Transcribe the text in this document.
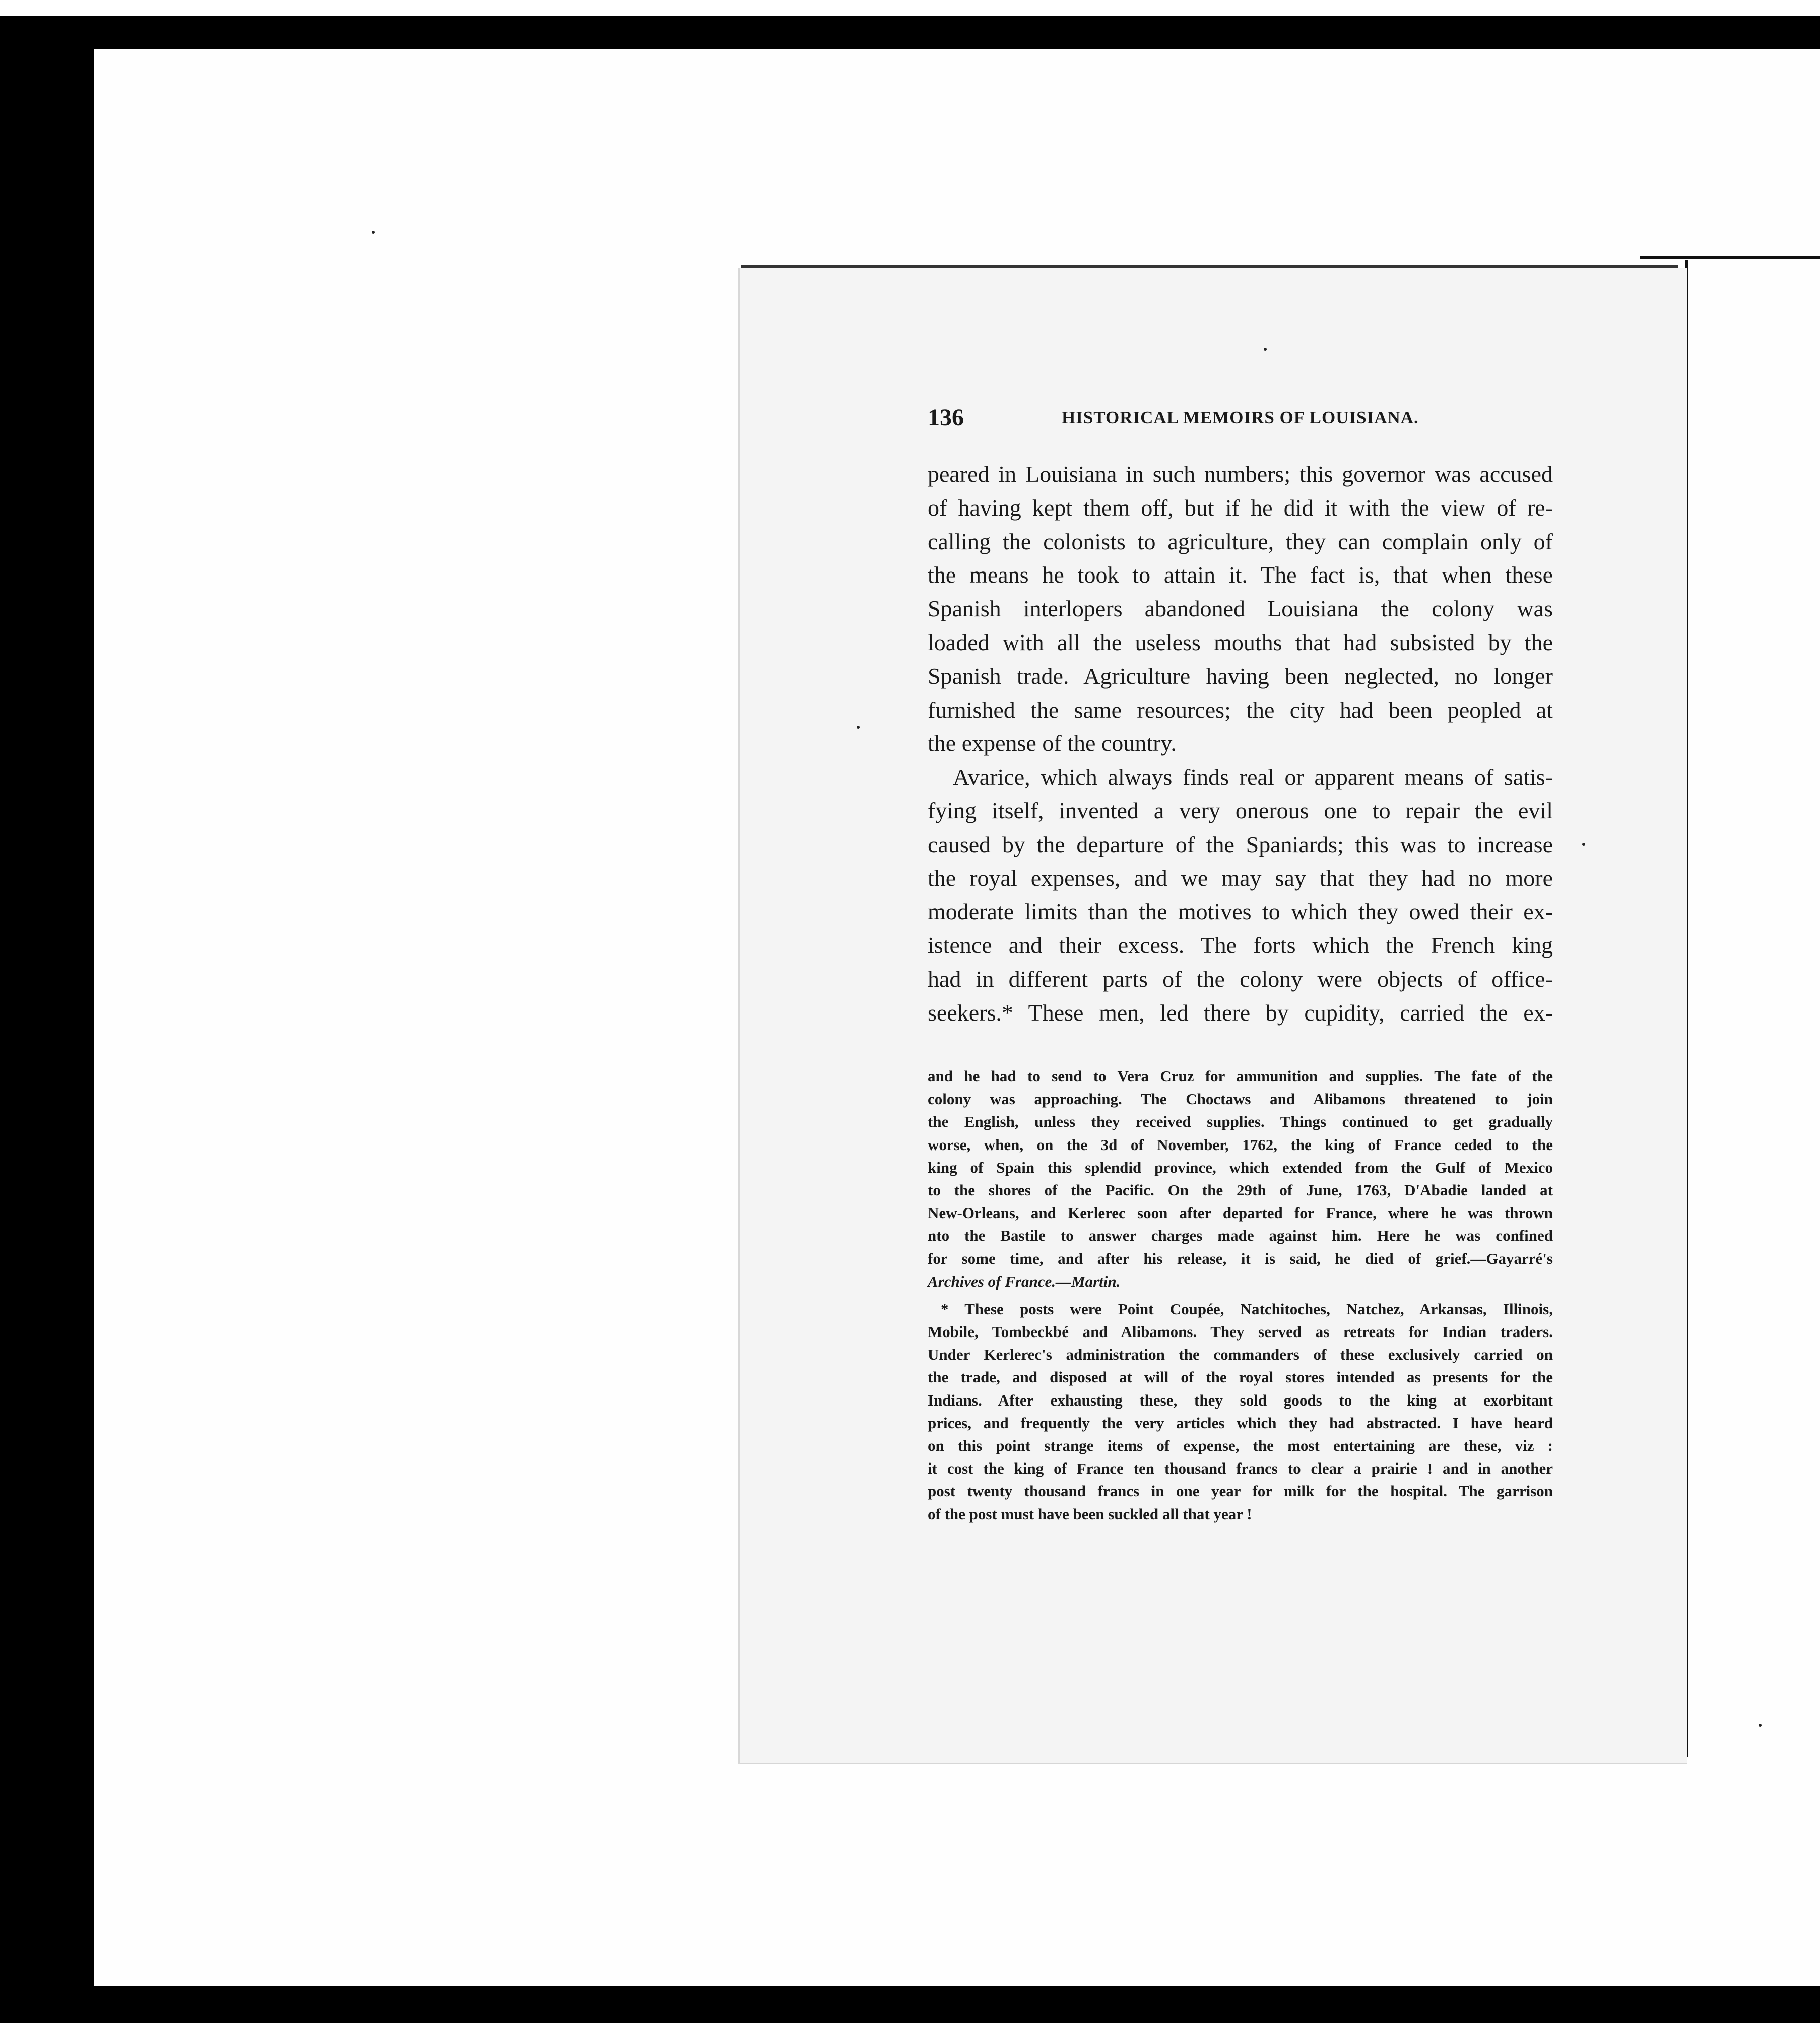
136	HISTORICAL MEMOIRS OF LOUISIANA.
peared in Louisiana in such numbers; this governor was accused
of having kept them off, but if he did it with the view of re-
calling the colonists to agriculture, they can complain only of
the means he took to attain it. The fact is, that when these
Spanish interlopers abandoned Louisiana the colony was
loaded with all the useless mouths that had subsisted by the
Spanish trade. Agriculture having been neglected, no longer
furnished the same resources; the city had been peopled at
the expense of the country.
Avarice, which always finds real or apparent means of satis-
fying itself, invented a very onerous one to repair the evil
caused by the departure of the Spaniards; this was to increase
the royal expenses, and we may say that they had no more
moderate limits than the motives to which they owed their ex-
istence and their excess. The forts which the French king
had in different parts of the colony were objects of office-
seekers.* These men, led there by cupidity, carried the ex-
and he had to send to Vera Cruz for ammunition and supplies. The fate of the
colony was approaching. The Choctaws and Alibamons threatened to join
the English, unless they received supplies. Things continued to get gradually
worse, when, on the 3d of November, 1762, the king of France ceded to the
king of Spain this splendid province, which extended from the Gulf of Mexico
to the shores of the Pacific. On the 29th of June, 1763, D'Abadie landed at
New-Orleans, and Kerlerec soon after departed for France, where he was thrown
nto the Bastile to answer charges made against him. Here he was confined
for some time, and after his release, it is said, he died of grief.—Gayarré's
Archives of France.—Martin.
* These posts were Point Coupée, Natchitoches, Natchez, Arkansas, Illinois,
Mobile, Tombeckbé and Alibamons. They served as retreats for Indian traders.
Under Kerlerec's administration the commanders of these exclusively carried on
the trade, and disposed at will of the royal stores intended as presents for the
Indians. After exhausting these, they sold goods to the king at exorbitant
prices, and frequently the very articles which they had abstracted. I have heard
on this point strange items of expense, the most entertaining are these, viz :
it cost the king of France ten thousand francs to clear a prairie ! and in another
post twenty thousand francs in one year for milk for the hospital. The garrison
of the post must have been suckled all that year !
